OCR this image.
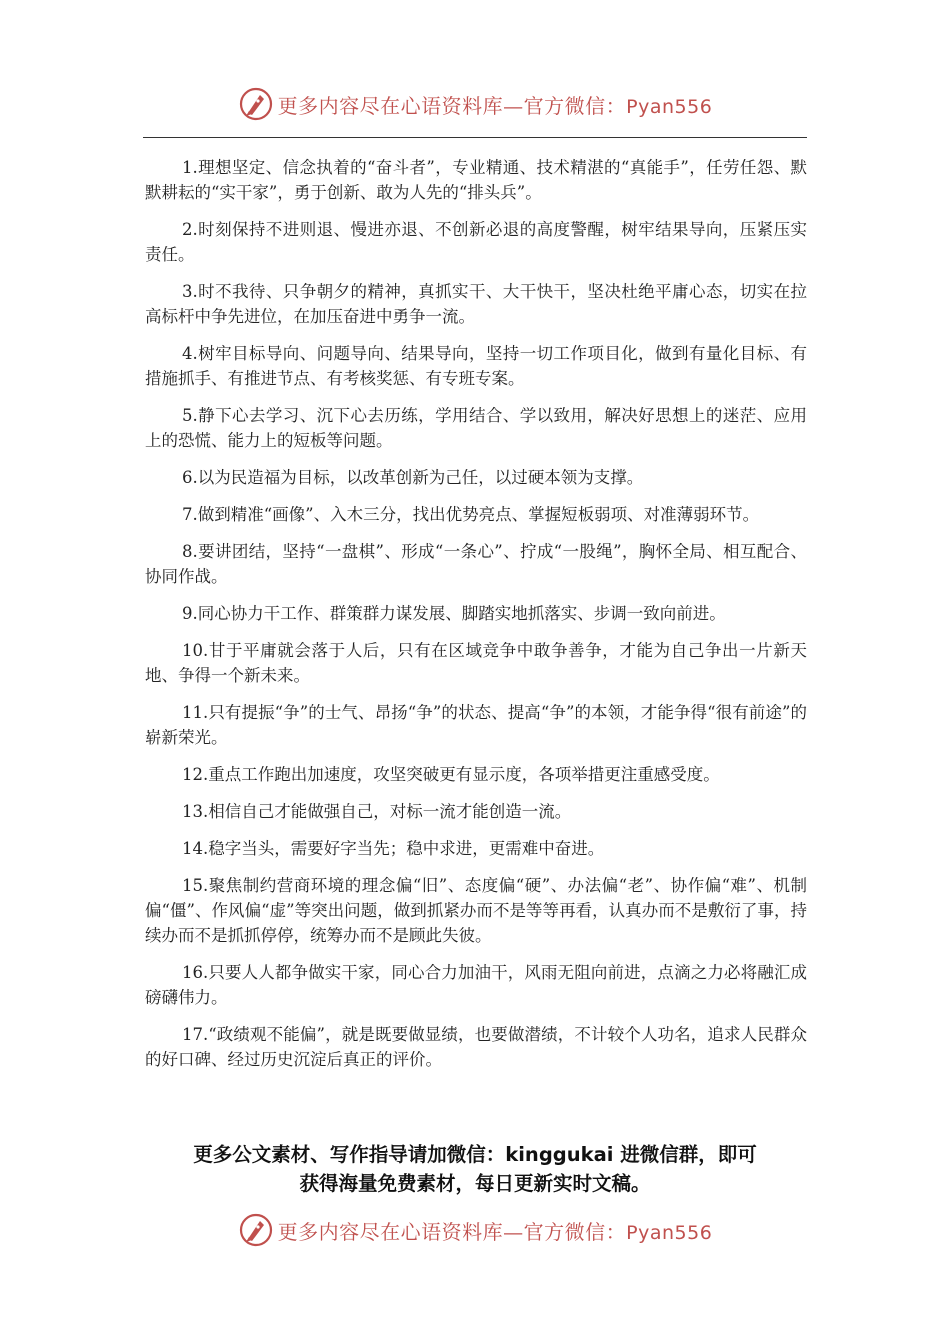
更多内容尽在心语资料库—官方微信：Pyan556

1.理想坚定、信念执着的“奋斗者”，专业精通、技术精湛的“真能手”，任劳任怨、默默耕耘的“实干家”，勇于创新、敢为人先的“排头兵”。

2.时刻保持不进则退、慢进亦退、不创新必退的高度警醒，树牢结果导向，压紧压实责任。

3.时不我待、只争朝夕的精神，真抓实干、大干快干，坚决杜绝平庸心态，切实在拉高标杆中争先进位，在加压奋进中勇争一流。

4.树牢目标导向、问题导向、结果导向，坚持一切工作项目化，做到有量化目标、有措施抓手、有推进节点、有考核奖惩、有专班专案。

5.静下心去学习、沉下心去历练，学用结合、学以致用，解决好思想上的迷茫、应用上的恐慌、能力上的短板等问题。

6.以为民造福为目标，以改革创新为己任，以过硬本领为支撑。

7.做到精准“画像”、入木三分，找出优势亮点、掌握短板弱项、对准薄弱环节。

8.要讲团结，坚持“一盘棋”、形成“一条心”、拧成“一股绳”，胸怀全局、相互配合、协同作战。

9.同心协力干工作、群策群力谋发展、脚踏实地抓落实、步调一致向前进。

10.甘于平庸就会落于人后，只有在区域竞争中敢争善争，才能为自己争出一片新天地、争得一个新未来。

11.只有提振“争”的士气、昂扬“争”的状态、提高“争”的本领，才能争得“很有前途”的崭新荣光。

12.重点工作跑出加速度，攻坚突破更有显示度，各项举措更注重感受度。

13.相信自己才能做强自己，对标一流才能创造一流。

14.稳字当头，需要好字当先；稳中求进，更需难中奋进。

15.聚焦制约营商环境的理念偏“旧”、态度偏“硬”、办法偏“老”、协作偏“难”、机制偏“僵”、作风偏“虚”等突出问题，做到抓紧办而不是等等再看，认真办而不是敷衍了事，持续办而不是抓抓停停，统筹办而不是顾此失彼。

16.只要人人都争做实干家，同心合力加油干，风雨无阻向前进，点滴之力必将融汇成磅礴伟力。

17.“政绩观不能偏”，就是既要做显绩，也要做潜绩，不计较个人功名，追求人民群众的好口碑、经过历史沉淀后真正的评价。

更多公文素材、写作指导请加微信：kinggukai 进微信群，即可
获得海量免费素材，每日更新实时文稿。
更多内容尽在心语资料库—官方微信：Pyan556
